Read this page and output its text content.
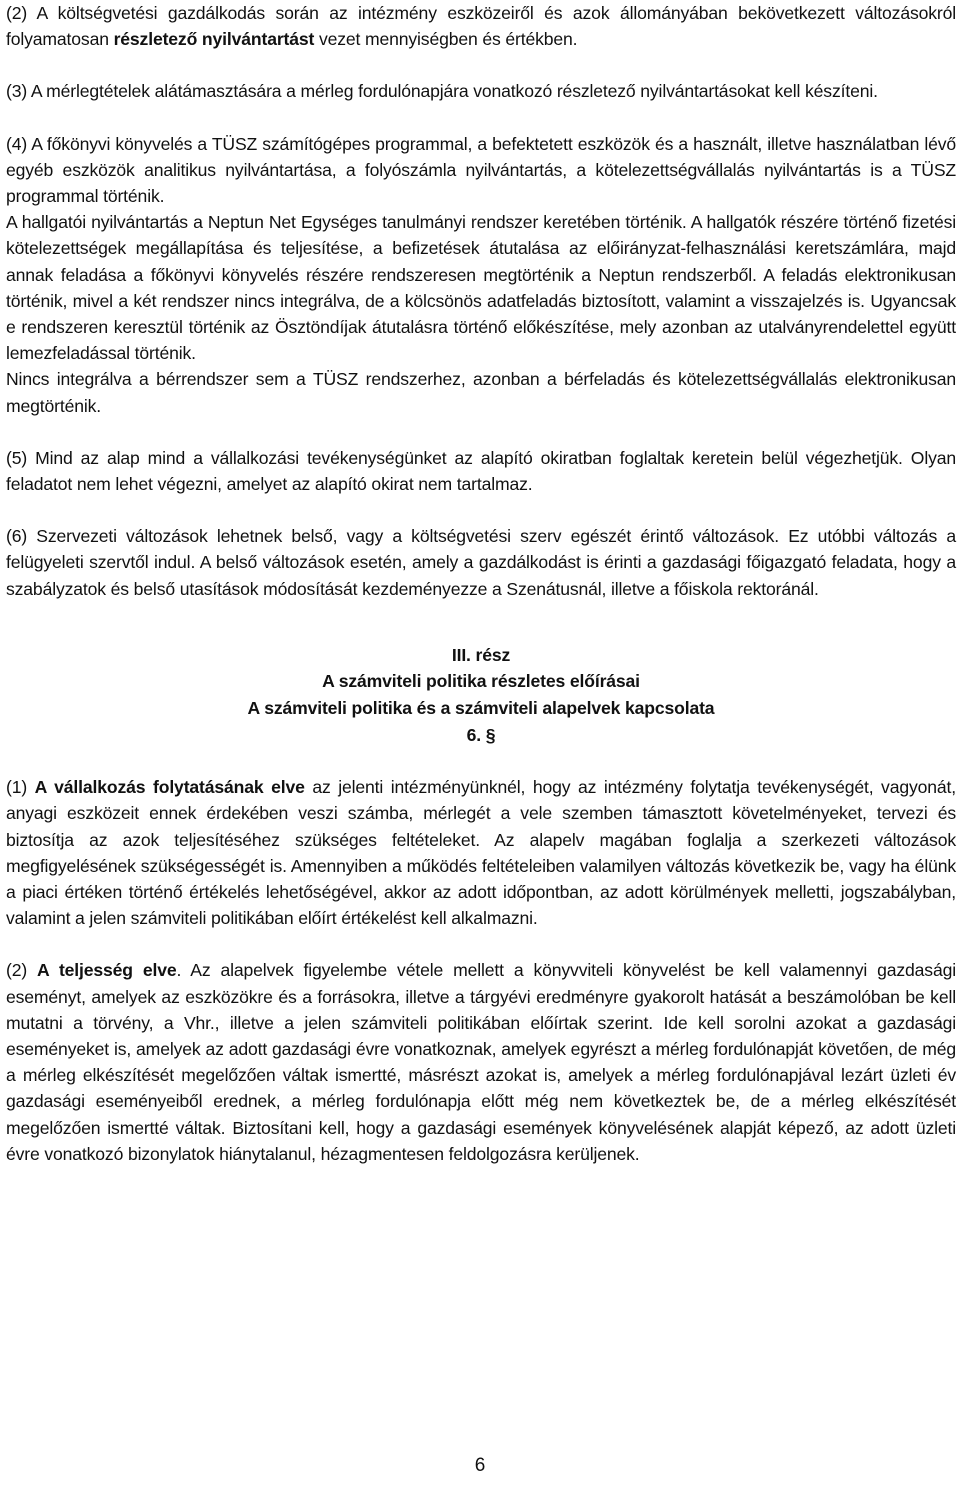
(2) A költségvetési gazdálkodás során az intézmény eszközeiről és azok állományában bekövetkezett változásokról folyamatosan részletező nyilvántartást vezet mennyiségben és értékben.

(3) A mérlegtételek alátámasztására a mérleg fordulónapjára vonatkozó részletező nyilvántartásokat kell készíteni.

(4) A főkönyvi könyvelés a TÜSZ számítógépes programmal, a befektetett eszközök és a használt, illetve használatban lévő egyéb eszközök analitikus nyilvántartása, a folyószámla nyilvántartás, a kötelezettségvállalás nyilvántartás is a TÜSZ programmal történik.

A hallgatói nyilvántartás a Neptun Net Egységes tanulmányi rendszer keretében történik. A hallgatók részére történő fizetési kötelezettségek megállapítása és teljesítése, a befizetések átutalása az előirányzat-felhasználási keretszámlára, majd annak feladása a főkönyvi könyvelés részére rendszeresen megtörténik a Neptun rendszerből. A feladás elektronikusan történik, mivel a két rendszer nincs integrálva, de a kölcsönös adatfeladás biztosított, valamint a visszajelzés is. Ugyancsak e rendszeren keresztül történik az Ösztöndíjak átutalásra történő előkészítése, mely azonban az utalványrendelettel együtt lemezfeladással történik.

Nincs integrálva a bérrendszer sem a TÜSZ rendszerhez, azonban a bérfeladás és kötelezettségvállalás elektronikusan megtörténik.

(5) Mind az alap mind a vállalkozási tevékenységünket az alapító okiratban foglaltak keretein belül végezhetjük. Olyan feladatot nem lehet végezni, amelyet az alapító okirat nem tartalmaz.

(6) Szervezeti változások lehetnek belső, vagy a költségvetési szerv egészét érintő változások. Ez utóbbi változás a felügyeleti szervtől indul. A belső változások esetén, amely a gazdálkodást is érinti a gazdasági főigazgató feladata, hogy a szabályzatok és belső utasítások módosítását kezdeményezze a Szenátusnál, illetve a főiskola rektoránál.

III. rész
A számviteli politika részletes előírásai
A számviteli politika és a számviteli alapelvek kapcsolata
6. §

(1) A vállalkozás folytatásának elve az jelenti intézményünknél, hogy az intézmény folytatja tevékenységét, vagyonát, anyagi eszközeit ennek érdekében veszi számba, mérlegét a vele szemben támasztott követelményeket, tervezi és biztosítja az azok teljesítéséhez szükséges feltételeket. Az alapelv magában foglalja a szerkezeti változások megfigyelésének szükségességét is. Amennyiben a működés feltételeiben valamilyen változás következik be, vagy ha élünk a piaci értéken történő értékelés lehetőségével, akkor az adott időpontban, az adott körülmények melletti, jogszabályban, valamint a jelen számviteli politikában előírt értékelést kell alkalmazni.

(2) A teljesség elve. Az alapelvek figyelembe vétele mellett a könyvviteli könyvelést be kell valamennyi gazdasági eseményt, amelyek az eszközökre és a forrásokra, illetve a tárgyévi eredményre gyakorolt hatását a beszámolóban be kell mutatni a törvény, a Vhr., illetve a jelen számviteli politikában előírtak szerint. Ide kell sorolni azokat a gazdasági eseményeket is, amelyek az adott gazdasági évre vonatkoznak, amelyek egyrészt a mérleg fordulónapját követően, de még a mérleg elkészítését megelőzően váltak ismertté, másrészt azokat is, amelyek a mérleg fordulónapjával lezárt üzleti év gazdasági eseményeiből erednek, a mérleg fordulónapja előtt még nem következtek be, de a mérleg elkészítését megelőzően ismertté váltak. Biztosítani kell, hogy a gazdasági események könyvelésének alapját képező, az adott üzleti évre vonatkozó bizonylatok hiánytalanul, hézagmentesen feldolgozásra kerüljenek.

6
